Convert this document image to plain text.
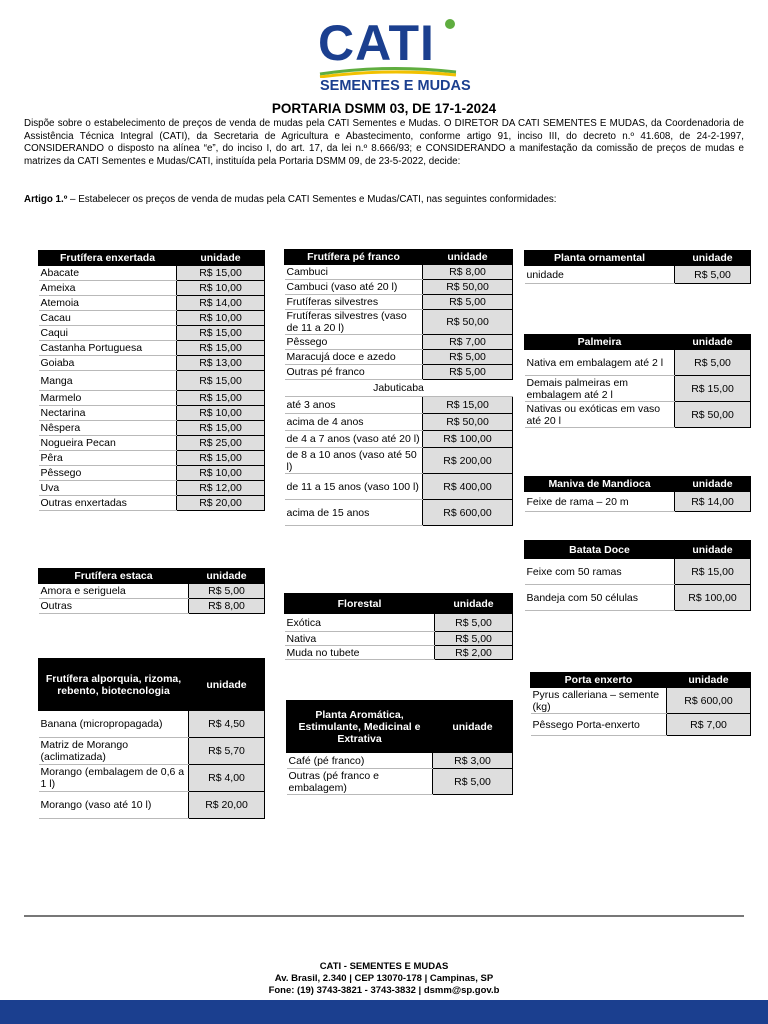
CATI
SEMENTES E MUDAS
PORTARIA DSMM 03, DE 17-1-2024
Dispõe sobre o estabelecimento de preços de venda de mudas pela CATI Sementes e Mudas. O DIRETOR DA CATI SEMENTES E MUDAS, da Coordenadoria de Assistência Técnica Integral (CATI), da Secretaria de Agricultura e Abastecimento, conforme artigo 91, inciso III, do decreto n.º 41.608, de 24-2-1997, CONSIDERANDO o disposto na alínea “e”, do inciso I, do art. 17, da lei n.º 8.666/93; e CONSIDERANDO a manifestação da comissão de preços de mudas e matrizes da CATI Sementes e Mudas/CATI, instituída pela Portaria DSMM 09, de 23-5-2022, decide:
Artigo 1.º – Estabelecer os preços de venda de mudas pela CATI Sementes e Mudas/CATI, nas seguintes conformidades:
Frutífera enxertada	unidade
Abacate	R$ 15,00
Ameixa	R$ 10,00
Atemoia	R$ 14,00
Cacau	R$ 10,00
Caqui	R$ 15,00
Castanha Portuguesa	R$ 15,00
Goiaba	R$ 13,00
Manga	R$ 15,00
Marmelo	R$ 15,00
Nectarina	R$ 10,00
Nêspera	R$ 15,00
Nogueira Pecan	R$ 25,00
Pêra	R$ 15,00
Pêssego	R$ 10,00
Uva	R$ 12,00
Outras enxertadas	R$ 20,00
Frutífera estaca	unidade
Amora e seriguela	R$ 5,00
Outras	R$ 8,00
Frutífera alporquia, rizoma, rebento, biotecnologia	unidade
Banana (micropropagada)	R$ 4,50
Matriz de Morango (aclimatizada)	R$ 5,70
Morango (embalagem de 0,6 a 1 l)	R$ 4,00
Morango (vaso até 10 l)	R$ 20,00
Frutífera pé franco	unidade
Cambuci	R$ 8,00
Cambuci (vaso até 20 l)	R$ 50,00
Frutíferas silvestres	R$ 5,00
Frutíferas silvestres (vaso de 11 a 20 l)	R$ 50,00
Pêssego	R$ 7,00
Maracujá doce e azedo	R$ 5,00
Outras pé franco	R$ 5,00
Jabuticaba	
até 3 anos	R$ 15,00
acima de 4 anos	R$ 50,00
de 4 a 7 anos (vaso até 20 l)	R$ 100,00
de 8 a 10 anos (vaso até 50 l)	R$ 200,00
de 11 a 15 anos (vaso 100 l)	R$ 400,00
acima de 15 anos	R$ 600,00
Florestal	unidade
Exótica	R$ 5,00
Nativa	R$ 5,00
Muda no tubete	R$ 2,00
Planta Aromática, Estimulante, Medicinal e Extrativa	unidade
Café (pé franco)	R$ 3,00
Outras (pé franco e embalagem)	R$ 5,00
Planta ornamental	unidade
unidade	R$ 5,00
Palmeira	unidade
Nativa em embalagem até 2 l	R$ 5,00
Demais palmeiras em embalagem até 2 l	R$ 15,00
Nativas ou exóticas em vaso até 20 l	R$ 50,00
Maniva de Mandioca	unidade
Feixe de rama – 20 m	R$ 14,00
Batata Doce	unidade
Feixe com 50 ramas	R$ 15,00
Bandeja com 50 células	R$ 100,00
Porta enxerto	unidade
Pyrus calleriana – semente (kg)	R$ 600,00
Pêssego Porta-enxerto	R$ 7,00
CATI - SEMENTES E MUDAS
Av. Brasil, 2.340 | CEP 13070-178 | Campinas, SP
Fone: (19) 3743-3821 - 3743-3832 | dsmm@sp.gov.b
